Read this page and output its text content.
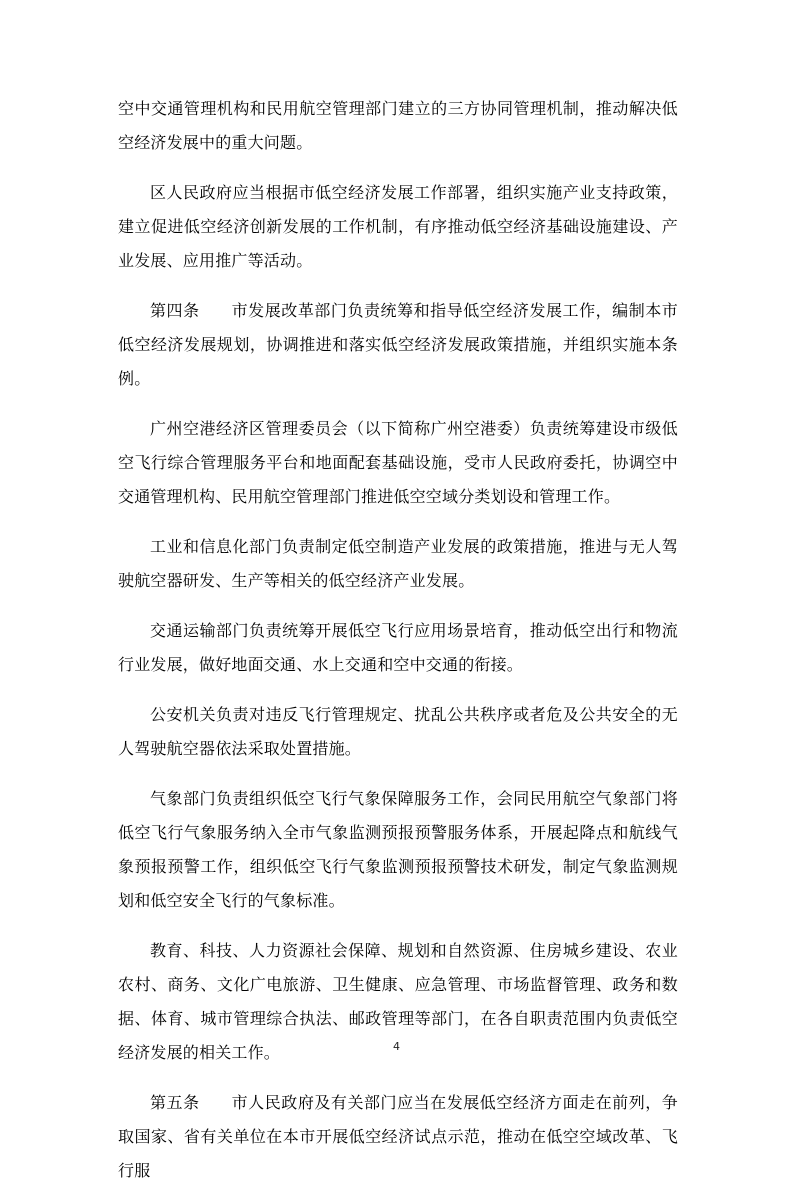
空中交通管理机构和民用航空管理部门建立的三方协同管理机制，推动解决低空经济发展中的重大问题。

区人民政府应当根据市低空经济发展工作部署，组织实施产业支持政策，建立促进低空经济创新发展的工作机制，有序推动低空经济基础设施建设、产业发展、应用推广等活动。

第四条 市发展改革部门负责统筹和指导低空经济发展工作，编制本市低空经济发展规划，协调推进和落实低空经济发展政策措施，并组织实施本条例。

广州空港经济区管理委员会（以下简称广州空港委）负责统筹建设市级低空飞行综合管理服务平台和地面配套基础设施，受市人民政府委托，协调空中交通管理机构、民用航空管理部门推进低空空域分类划设和管理工作。

工业和信息化部门负责制定低空制造产业发展的政策措施，推进与无人驾驶航空器研发、生产等相关的低空经济产业发展。

交通运输部门负责统筹开展低空飞行应用场景培育，推动低空出行和物流行业发展，做好地面交通、水上交通和空中交通的衔接。

公安机关负责对违反飞行管理规定、扰乱公共秩序或者危及公共安全的无人驾驶航空器依法采取处置措施。

气象部门负责组织低空飞行气象保障服务工作，会同民用航空气象部门将低空飞行气象服务纳入全市气象监测预报预警服务体系，开展起降点和航线气象预报预警工作，组织低空飞行气象监测预报预警技术研发，制定气象监测规划和低空安全飞行的气象标准。

教育、科技、人力资源社会保障、规划和自然资源、住房城乡建设、农业农村、商务、文化广电旅游、卫生健康、应急管理、市场监督管理、政务和数据、体育、城市管理综合执法、邮政管理等部门，在各自职责范围内负责低空经济发展的相关工作。

第五条 市人民政府及有关部门应当在发展低空经济方面走在前列，争取国家、省有关单位在本市开展低空经济试点示范，推动在低空空域改革、飞行服

4
